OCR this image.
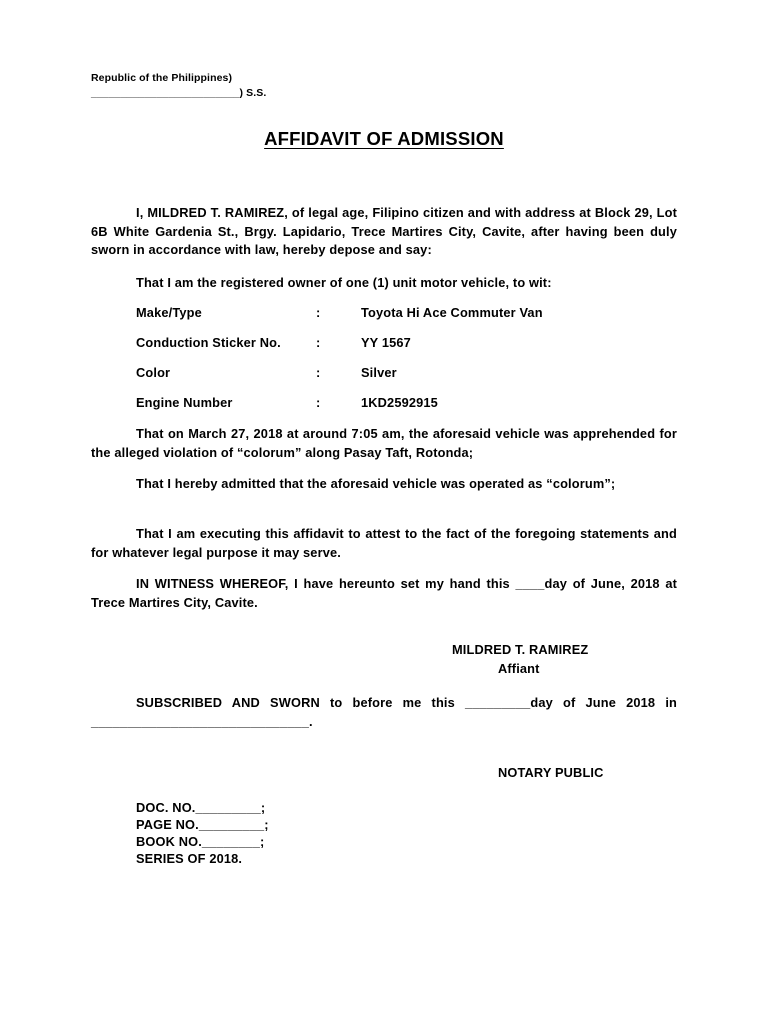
Republic of the Philippines)
_________________________) S.S.
AFFIDAVIT OF ADMISSION
I, MILDRED T. RAMIREZ, of legal age, Filipino citizen and with address at Block 29, Lot 6B White Gardenia St., Brgy. Lapidario, Trece Martires City, Cavite, after having been duly sworn in accordance with law, hereby depose and say:
That I am the registered owner of one (1) unit motor vehicle, to wit:
Make/Type	:	Toyota Hi Ace Commuter Van
Conduction Sticker No.	:	YY 1567
Color	:	Silver
Engine Number	:	1KD2592915
That on March 27, 2018 at around 7:05 am, the aforesaid vehicle was apprehended for the alleged violation of “colorum” along Pasay Taft, Rotonda;
That I hereby admitted that the aforesaid vehicle was operated as “colorum”;
That I am executing this affidavit to attest to the fact of the foregoing statements and for whatever legal purpose it may serve.
IN WITNESS WHEREOF, I have hereunto set my hand this ____day of June, 2018 at Trece Martires City, Cavite.
MILDRED T. RAMIREZ
Affiant
SUBSCRIBED AND SWORN to before me this _________day of June 2018 in ______________________________.
NOTARY PUBLIC
DOC. NO._________;
PAGE NO._________;
BOOK NO.________;
SERIES OF 2018.
